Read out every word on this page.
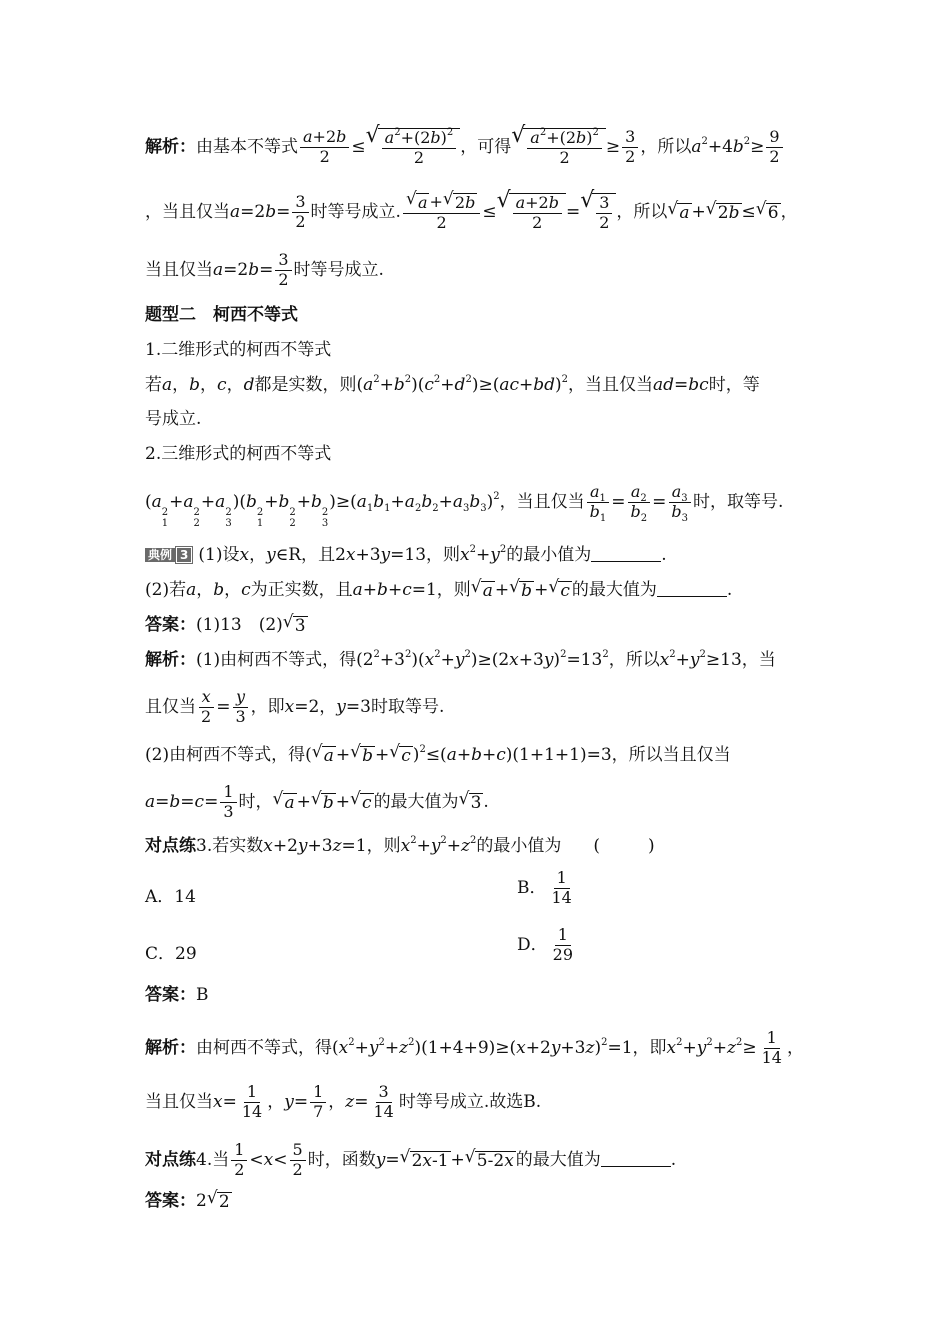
解析：由基本不等式 $\frac{a+2b}{2}$ ≤ √ $\frac{a^2+(2b)^2}{2}$ ，可得 √ $\frac{a^2+(2b)^2}{2} \ge \frac{3}{2}$ ，所以$a^2+4b^2\ge \frac{9}{2}$
，当且仅当$a=2b= \frac{3}{2}$ 时等号成立. $\frac{√ a + √ 2b}{2}$ ≤ √ $\frac{a+2b}{2}$ = √ $\frac{3}{2}$ ，所以 √ a + √ 2b ≤ √ 6 ，
当且仅当$a=2b= \frac{3}{2}$ 时等号成立.
题型二　柯西不等式
1.二维形式的柯西不等式
若a，b，c，d都是实数，则$(a^2+b^2)(c^2+d^2)\ge(ac+bd)^2$，当且仅当ad=bc时，等
号成立.
2.三维形式的柯西不等式
(a
2
1
+a
2
2
+a
2
3
)(b
2
1
+b
2
2
+b
2
3
)$\ge(a_1b_1+a_2b_2+a_3b_3)^2$，当且仅当 $\frac{a_1}{b_1} = \frac{a_2}{b_2} = \frac{a_3}{b_3}$ 时，取等号.
典例 3 (1)设x，y∈R，且2x+3y=13，则$x^2+y^2$的最小值为	.
(2)若a，b，c为正实数，且a+b+c=1，则 √ a + √ b + √ c 的最大值为	.
答案：(1)13　(2) √ 3
解析：(1)由柯西不等式，得$(2^2+3^2)(x^2+y^2)\ge(2x+3y)^2=13^2$，所以$x^2+y^2\ge 13$，当
且仅当 $\frac{x}{2} = \frac{y}{3}$ ，即x=2，y=3时取等号.
(2)由柯西不等式，得( √ a + √ b + √ c )$^2$≤(a+b+c)(1+1+1)=3，所以当且仅当
$a=b=c= \frac{1}{3}$ 时， √ a + √ b + √ c 的最大值为 √ 3 .
对点练3.若实数x+2y+3z=1，则$x^2+y^2+z^2$的最小值为 (	)
A．14	B． $\frac{1}{14}$
C．29	D． $\frac{1}{29}$
答案：B
解析：由柯西不等式，得$(x^2+y^2+z^2)(1+4+9)\ge(x+2y+3z)^2=1$，即$x^2+y^2+z^2\ge \frac{1}{14}$ ，
当且仅当$x= \frac{1}{14}$ ，$y= \frac{1}{7}$ ，$z= \frac{3}{14}$ 时等号成立.故选B.
对点练4.当 $\frac{1}{2} <x< \frac{5}{2}$ 时，函数y= √ 2x-1 + √ 5-2x 的最大值为	.
答案：2 √ 2
